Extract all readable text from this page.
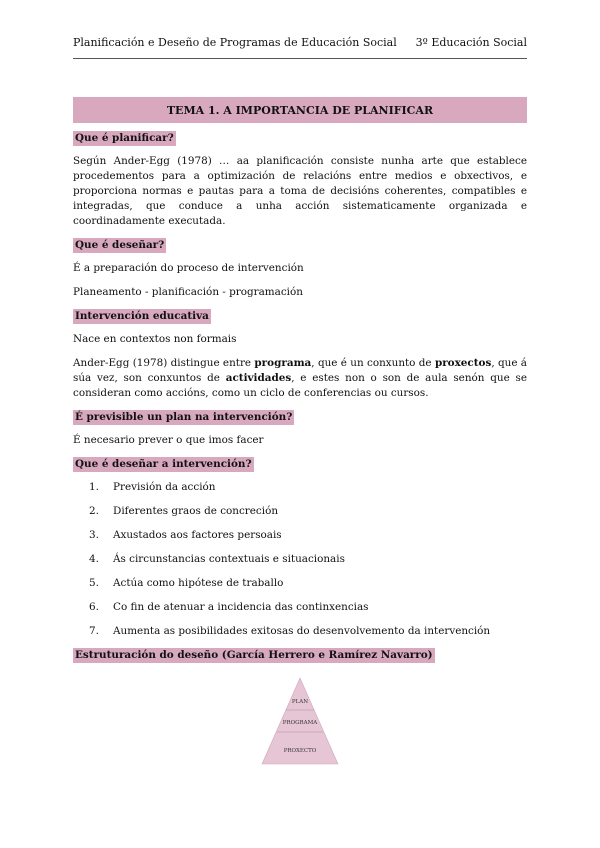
Planificación e Deseño de Programas de Educación Social 3º Educación Social
TEMA 1. A IMPORTANCIA DE PLANIFICAR
Que é planificar?

Según Ander-Egg (1978) … aa planificación consiste nunha arte que establece procedementos para a optimización de relacións entre medios e obxectivos, e proporciona normas e pautas para a toma de decisións coherentes, compatibles e integradas, que conduce a unha acción sistematicamente organizada e coordinadamente executada.

Que é deseñar?

É a preparación do proceso de intervención

Planeamento - planificación - programación

Intervención educativa

Nace en contextos non formais

Ander-Egg (1978) distingue entre programa, que é un conxunto de proxectos, que á súa vez, son conxuntos de actividades, e estes non o son de aula senón que se consideran como accións, como un ciclo de conferencias ou cursos.

É previsible un plan na intervención?

É necesario prever o que imos facer

Que é deseñar a intervención?
1.	Previsión da acción
2.	Diferentes graos de concreción
3.	Axustados aos factores persoais
4.	Ás circunstancias contextuais e situacionais
5.	Actúa como hipótese de traballo
6.	Co fin de atenuar a incidencia das continxencias
7.	Aumenta as posibilidades exitosas do desenvolvemento da intervención
Estruturación do deseño (García Herrero e Ramírez Navarro)
PLAN
PROGRAMA
PROXECTO
